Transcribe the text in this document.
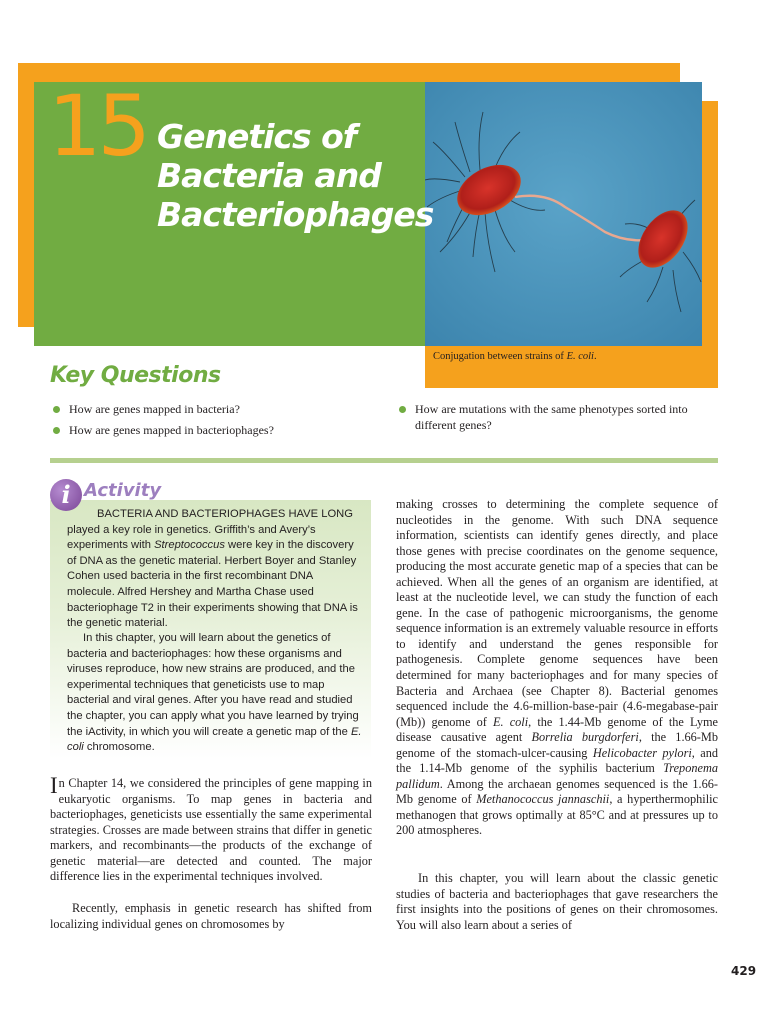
15 Genetics of
Bacteria and
Bacteriophages
Conjugation between strains of E. coli.
Key Questions
How are genes mapped in bacteria?
How are genes mapped in bacteriophages?
How are mutations with the same phenotypes sorted into different genes?
i Activity

BACTERIA AND BACTERIOPHAGES HAVE LONG played a key role in genetics. Griffith’s and Avery’s experiments with Streptococcus were key in the discovery of DNA as the genetic material. Herbert Boyer and Stanley Cohen used bacteria in the first recombinant DNA molecule. Alfred Hershey and Martha Chase used bacteriophage T2 in their experiments showing that DNA is the genetic material.

In this chapter, you will learn about the genetics of bacteria and bacteriophages: how these organisms and viruses reproduce, how new strains are produced, and the experimental techniques that geneticists use to map bacterial and viral genes. After you have read and studied the chapter, you can apply what you have learned by trying the iActivity, in which you will create a genetic map of the E. coli chromosome.

In Chapter 14, we considered the principles of gene mapping in eukaryotic organisms. To map genes in bacteria and bacteriophages, geneticists use essentially the same experimental strategies. Crosses are made between strains that differ in genetic markers, and recombinants—the products of the exchange of genetic material—are detected and counted. The major difference lies in the experimental techniques involved.

Recently, emphasis in genetic research has shifted from localizing individual genes on chromosomes by

making crosses to determining the complete sequence of nucleotides in the genome. With such DNA sequence information, scientists can identify genes directly, and place those genes with precise coordinates on the genome sequence, producing the most accurate genetic map of a species that can be achieved. When all the genes of an organism are identified, at least at the nucleotide level, we can study the function of each gene. In the case of pathogenic microorganisms, the genome sequence information is an extremely valuable resource in efforts to identify and understand the genes responsible for pathogenesis. Complete genome sequences have been determined for many bacteriophages and for many species of Bacteria and Archaea (see Chapter 8). Bacterial genomes sequenced include the 4.6-million-base-pair (4.6-megabase-pair (Mb)) genome of E. coli, the 1.44-Mb genome of the Lyme disease causative agent Borrelia burgdorferi, the 1.66-Mb genome of the stomach-ulcer-causing Helicobacter pylori, and the 1.14-Mb genome of the syphilis bacterium Treponema pallidum. Among the archaean genomes sequenced is the 1.66-Mb genome of Methanococcus jannaschii, a hyperthermophilic methanogen that grows optimally at 85°C and at pressures up to 200 atmospheres.

In this chapter, you will learn about the classic genetic studies of bacteria and bacteriophages that gave researchers the first insights into the positions of genes on their chromosomes. You will also learn about a series of

429
